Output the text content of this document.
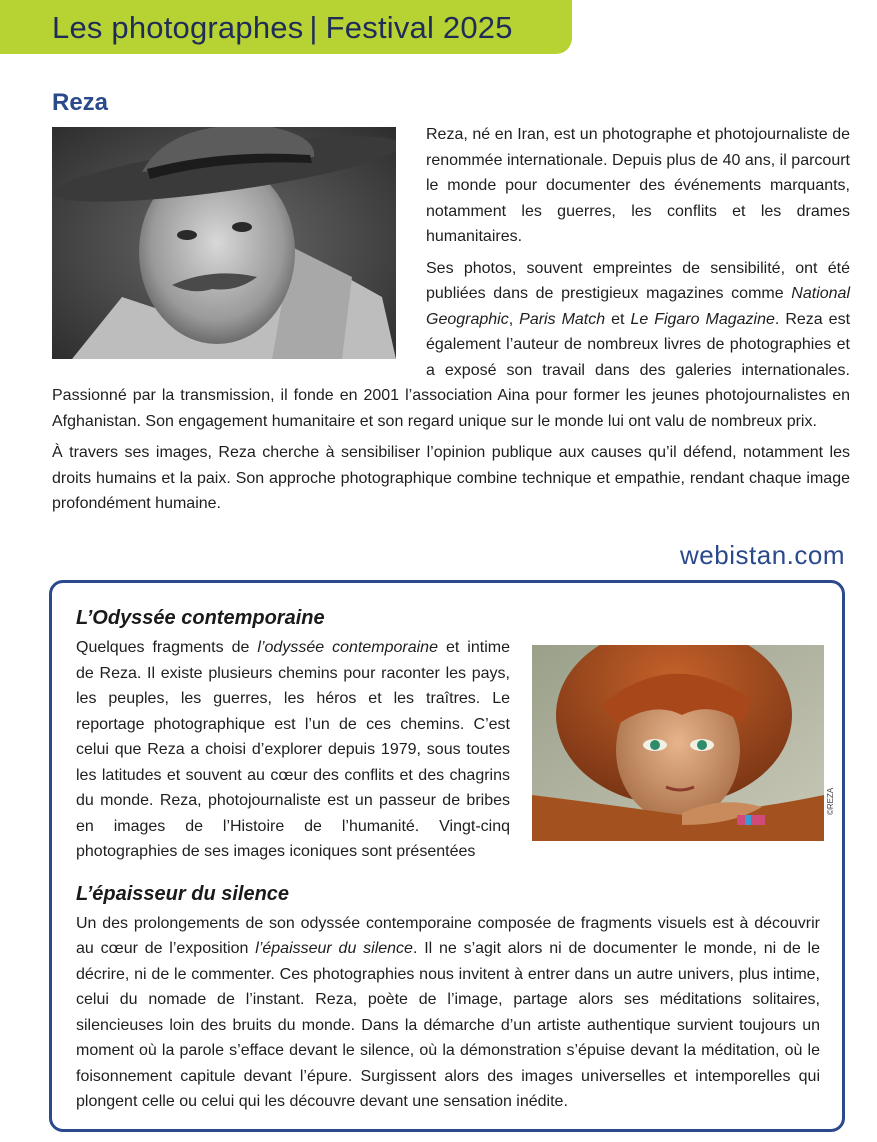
Les photographes | Festival 2025
Reza

Reza, né en Iran, est un photographe et photojournaliste de renommée internationale. Depuis plus de 40 ans, il parcourt le monde pour documenter des événements marquants, notamment les guerres, les conflits et les drames humanitaires.

Ses photos, souvent empreintes de sensibilité, ont été publiées dans de prestigieux magazines comme National Geographic, Paris Match et Le Figaro Magazine. Reza est également l’auteur de nombreux livres de photographies et a exposé son travail dans des galeries internationales. Passionné par la transmission, il fonde en 2001 l’association Aina pour former les jeunes photojournalistes en Afghanistan. Son engagement humanitaire et son regard unique sur le monde lui ont valu de nombreux prix.

À travers ses images, Reza cherche à sensibiliser l’opinion publique aux causes qu’il défend, notamment les droits humains et la paix. Son approche photographique combine technique et empathie, rendant chaque image profondément humaine.

webistan.com
L’Odyssée contemporaine

Quelques fragments de l’odyssée contemporaine et intime de Reza. Il existe plusieurs chemins pour raconter les pays, les peuples, les guerres, les héros et les traîtres. Le reportage photographique est l’un de ces chemins. C’est celui que Reza a choisi d’explorer depuis 1979, sous toutes les latitudes et souvent au cœur des conflits et des chagrins du monde. Reza, photojournaliste est un passeur de bribes en images de l’Histoire de l’humanité. Vingt-cinq photographies de ses images iconiques sont présentées

L’épaisseur du silence

Un des prolongements de son odyssée contemporaine composée de fragments visuels est à découvrir au cœur de l’exposition l’épaisseur du silence. Il ne s’agit alors ni de documenter le monde, ni de le décrire, ni de le commenter. Ces photographies nous invitent à entrer dans un autre univers, plus intime, celui du nomade de l’instant. Reza, poète de l’image, partage alors ses méditations solitaires, silencieuses loin des bruits du monde. Dans la démarche d’un artiste authentique survient toujours un moment où la parole s’efface devant le silence, où la démonstration s’épuise devant la méditation, où le foisonnement capitule devant l’épure. Surgissent alors des images universelles et intemporelles qui plongent celle ou celui qui les découvre devant une sensation inédite.

©REZA
